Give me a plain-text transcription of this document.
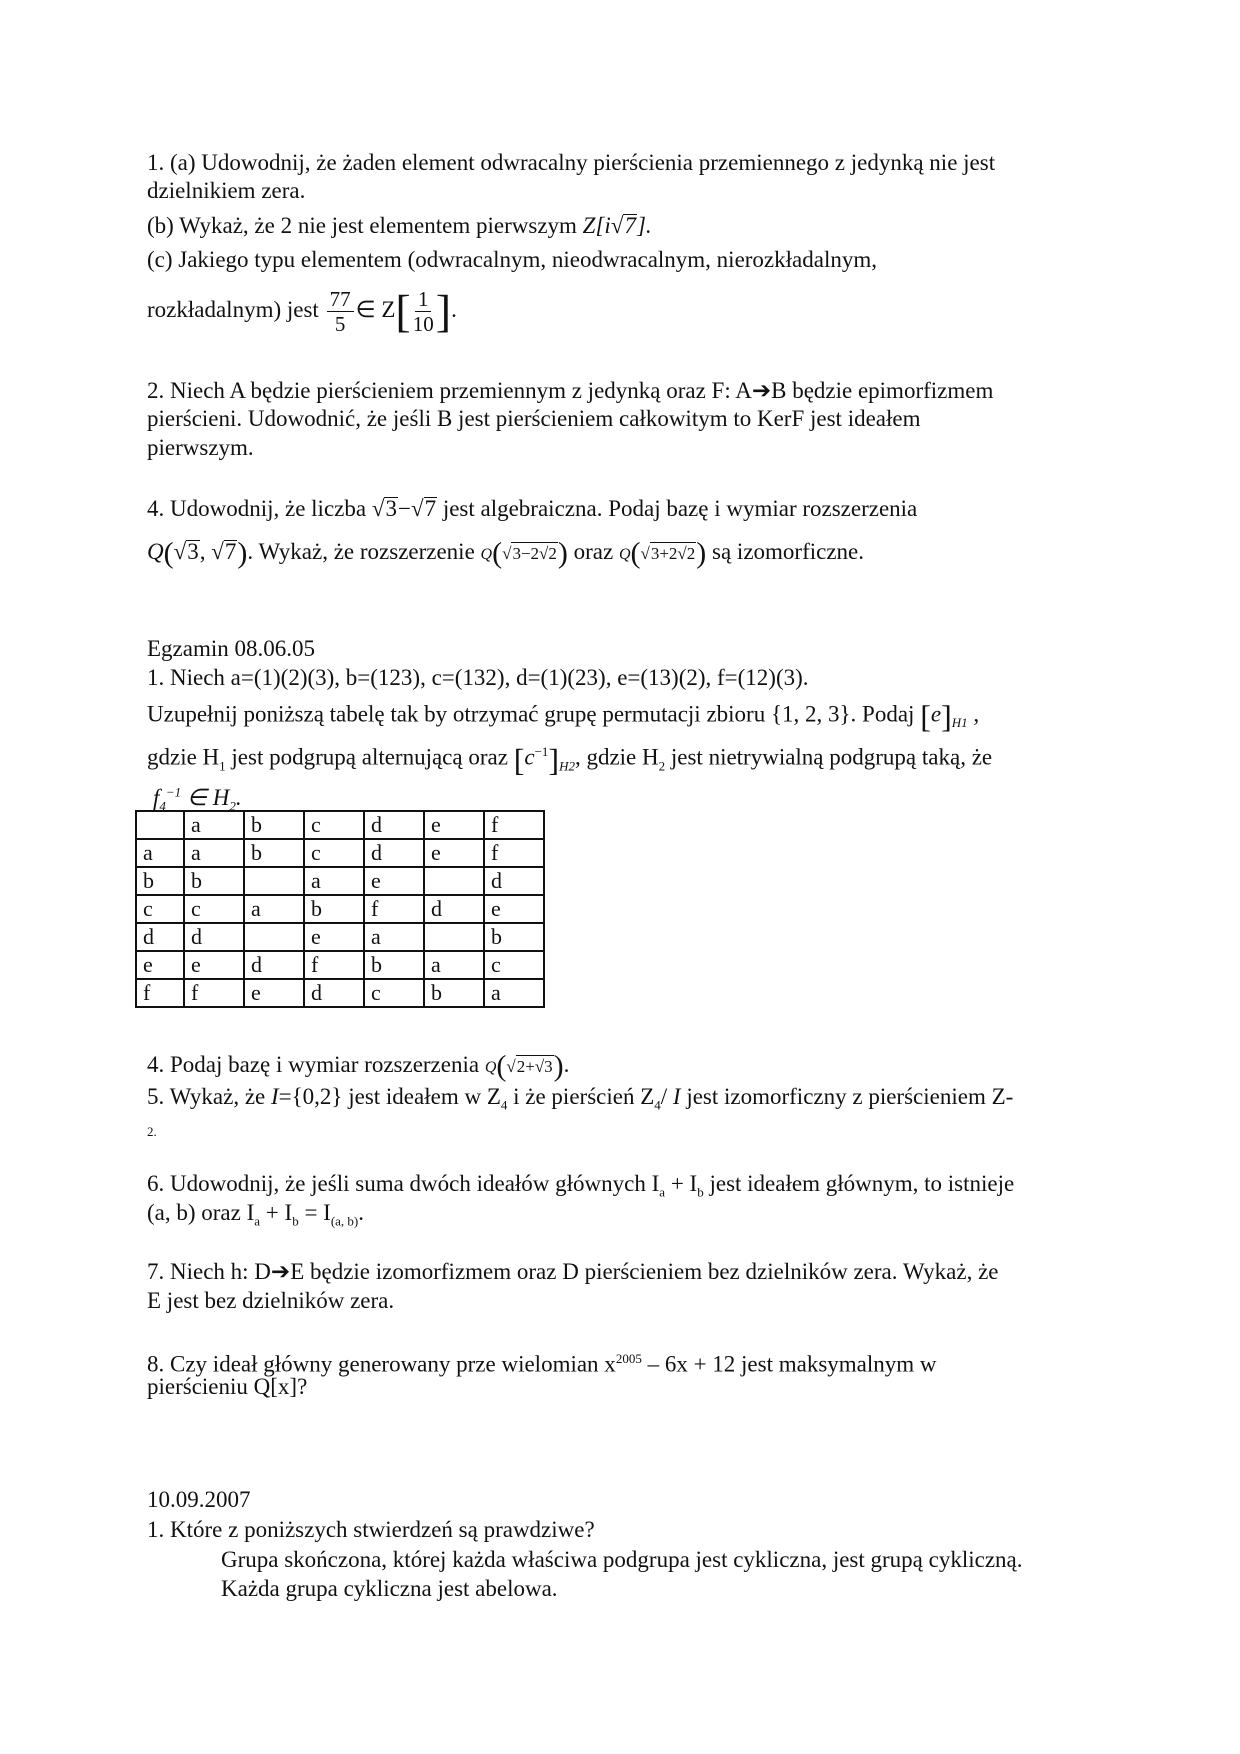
1. (a) Udowodnij, że żaden element odwracalny pierścienia przemiennego z jedynką nie jest
dzielnikiem zera.
(b) Wykaż, że 2 nie jest elementem pierwszym Z[i√7].
(c) Jakiego typu elementem (odwracalnym, nieodwracalnym, nierozkładalnym,
rozkładalnym) jest $\frac{77}{5}$ ∈ $Z[ \frac{1}{10}$ ].
2. Niech A będzie pierścieniem przemiennym z jedynką oraz F: A➔B będzie epimorfizmem
pierścieni. Udowodnić, że jeśli B jest pierścieniem całkowitym to KerF jest ideałem
pierwszym.
4. Udowodnij, że liczba √3−√7 jest algebraiczna. Podaj bazę i wymiar rozszerzenia
Q(√3, √7). Wykaż, że rozszerzenie Q(√3−2√2) oraz Q(√3+2√2) są izomorficzne.
Egzamin 08.06.05
1. Niech a=(1)(2)(3), b=(123), c=(132), d=(1)(23), e=(13)(2), f=(12)(3).
Uzupełnij poniższą tabelę tak by otrzymać grupę permutacji zbioru {1, 2, 3}. Podaj $[e]_{H1}$ ,
gdzie $H_1$ jest podgrupą alternującą oraz $[c^{-1}]_{H2}$, gdzie $H_2$ jest nietrywialną podgrupą taką, że
$f_4^{-1}$ ∈ $H_2$.
	a	b	c	d	e	f
a	a	b	c	d	e	f
b	b		a	e		d
c	c	a	b	f	d	e
d	d		e	a		b
e	e	d	f	b	a	c
f	f	e	d	c	b	a
4. Podaj bazę i wymiar rozszerzenia Q(√2+√3).
5. Wykaż, że I={0,2} jest ideałem w $Z_4$ i że pierścień $Z_4/$ I jest izomorficzny z pierścieniem Z-
2.
6. Udowodnij, że jeśli suma dwóch ideałów głównych $I_a + I_b$ jest ideałem głównym, to istnieje
(a, b) oraz $I_a + I_b = I_{(a, b)}$.
7. Niech h: D➔E będzie izomorfizmem oraz D pierścieniem bez dzielników zera. Wykaż, że
E jest bez dzielników zera.
8. Czy ideał główny generowany prze wielomian $x^{2005} - 6x + 12$ jest maksymalnym w
pierścieniu Q[x]?
10.09.2007
1. Które z poniższych stwierdzeń są prawdziwe?
Grupa skończona, której każda właściwa podgrupa jest cykliczna, jest grupą cykliczną.
Każda grupa cykliczna jest abelowa.
